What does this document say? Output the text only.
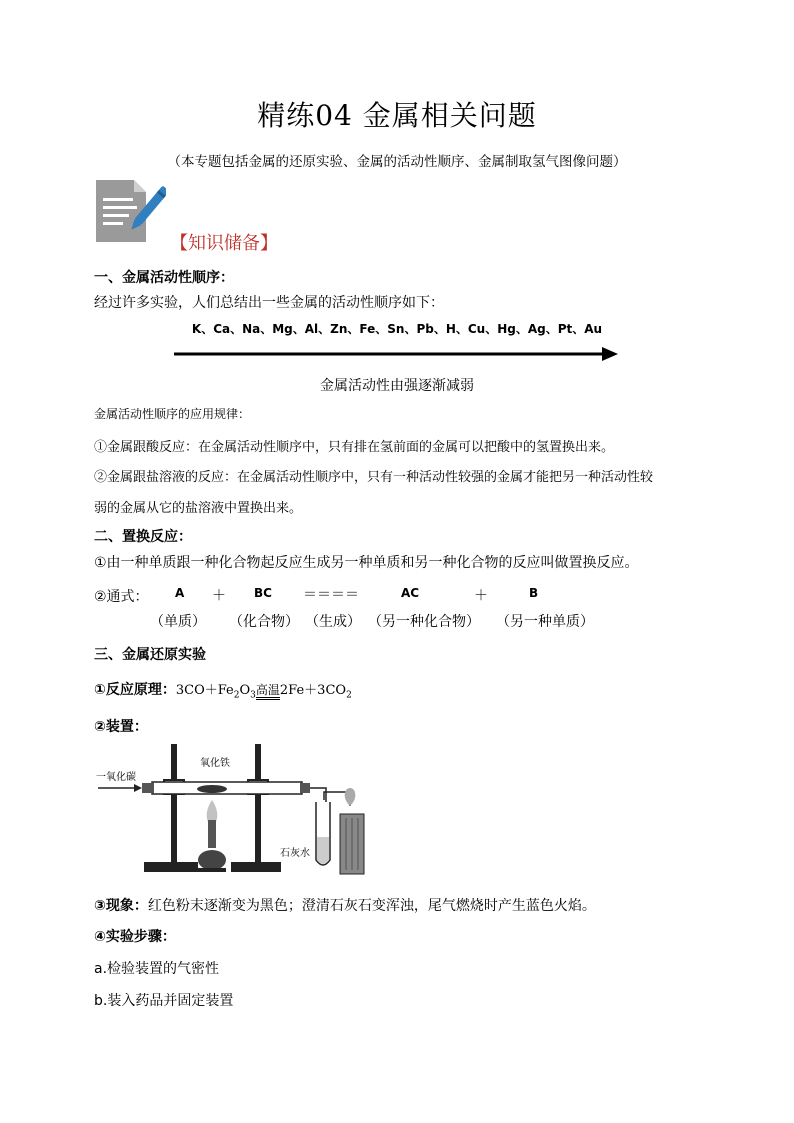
精练04 金属相关问题
（本专题包括金属的还原实验、金属的活动性顺序、金属制取氢气图像问题）
【知识储备】
一、金属活动性顺序：
经过许多实验，人们总结出一些金属的活动性顺序如下：
K、Ca、Na、Mg、Al、Zn、Fe、Sn、Pb、H、Cu、Hg、Ag、Pt、Au
金属活动性由强逐渐减弱
金属活动性顺序的应用规律：
①金属跟酸反应：在金属活动性顺序中，只有排在氢前面的金属可以把酸中的氢置换出来。
②金属跟盐溶液的反应：在金属活动性顺序中，只有一种活动性较强的金属才能把另一种活动性较
弱的金属从它的盐溶液中置换出来。
二、置换反应：
①由一种单质跟一种化合物起反应生成另一种单质和另一种化合物的反应叫做置换反应。
②通式： A ＋ BC ＝＝＝＝	AC	＋	B
（单质） （化合物） （生成） （另一种化合物） （另一种单质）
三、金属还原实验
①反应原理：$3CO+Fe_2O_3$高温$2Fe+3CO_2$
②装置：
一氧化碳
氧化铁
石灰水
③现象：红色粉末逐渐变为黑色；澄清石灰石变浑浊，尾气燃烧时产生蓝色火焰。
④实验步骤：
a.检验装置的气密性
b.装入药品并固定装置
